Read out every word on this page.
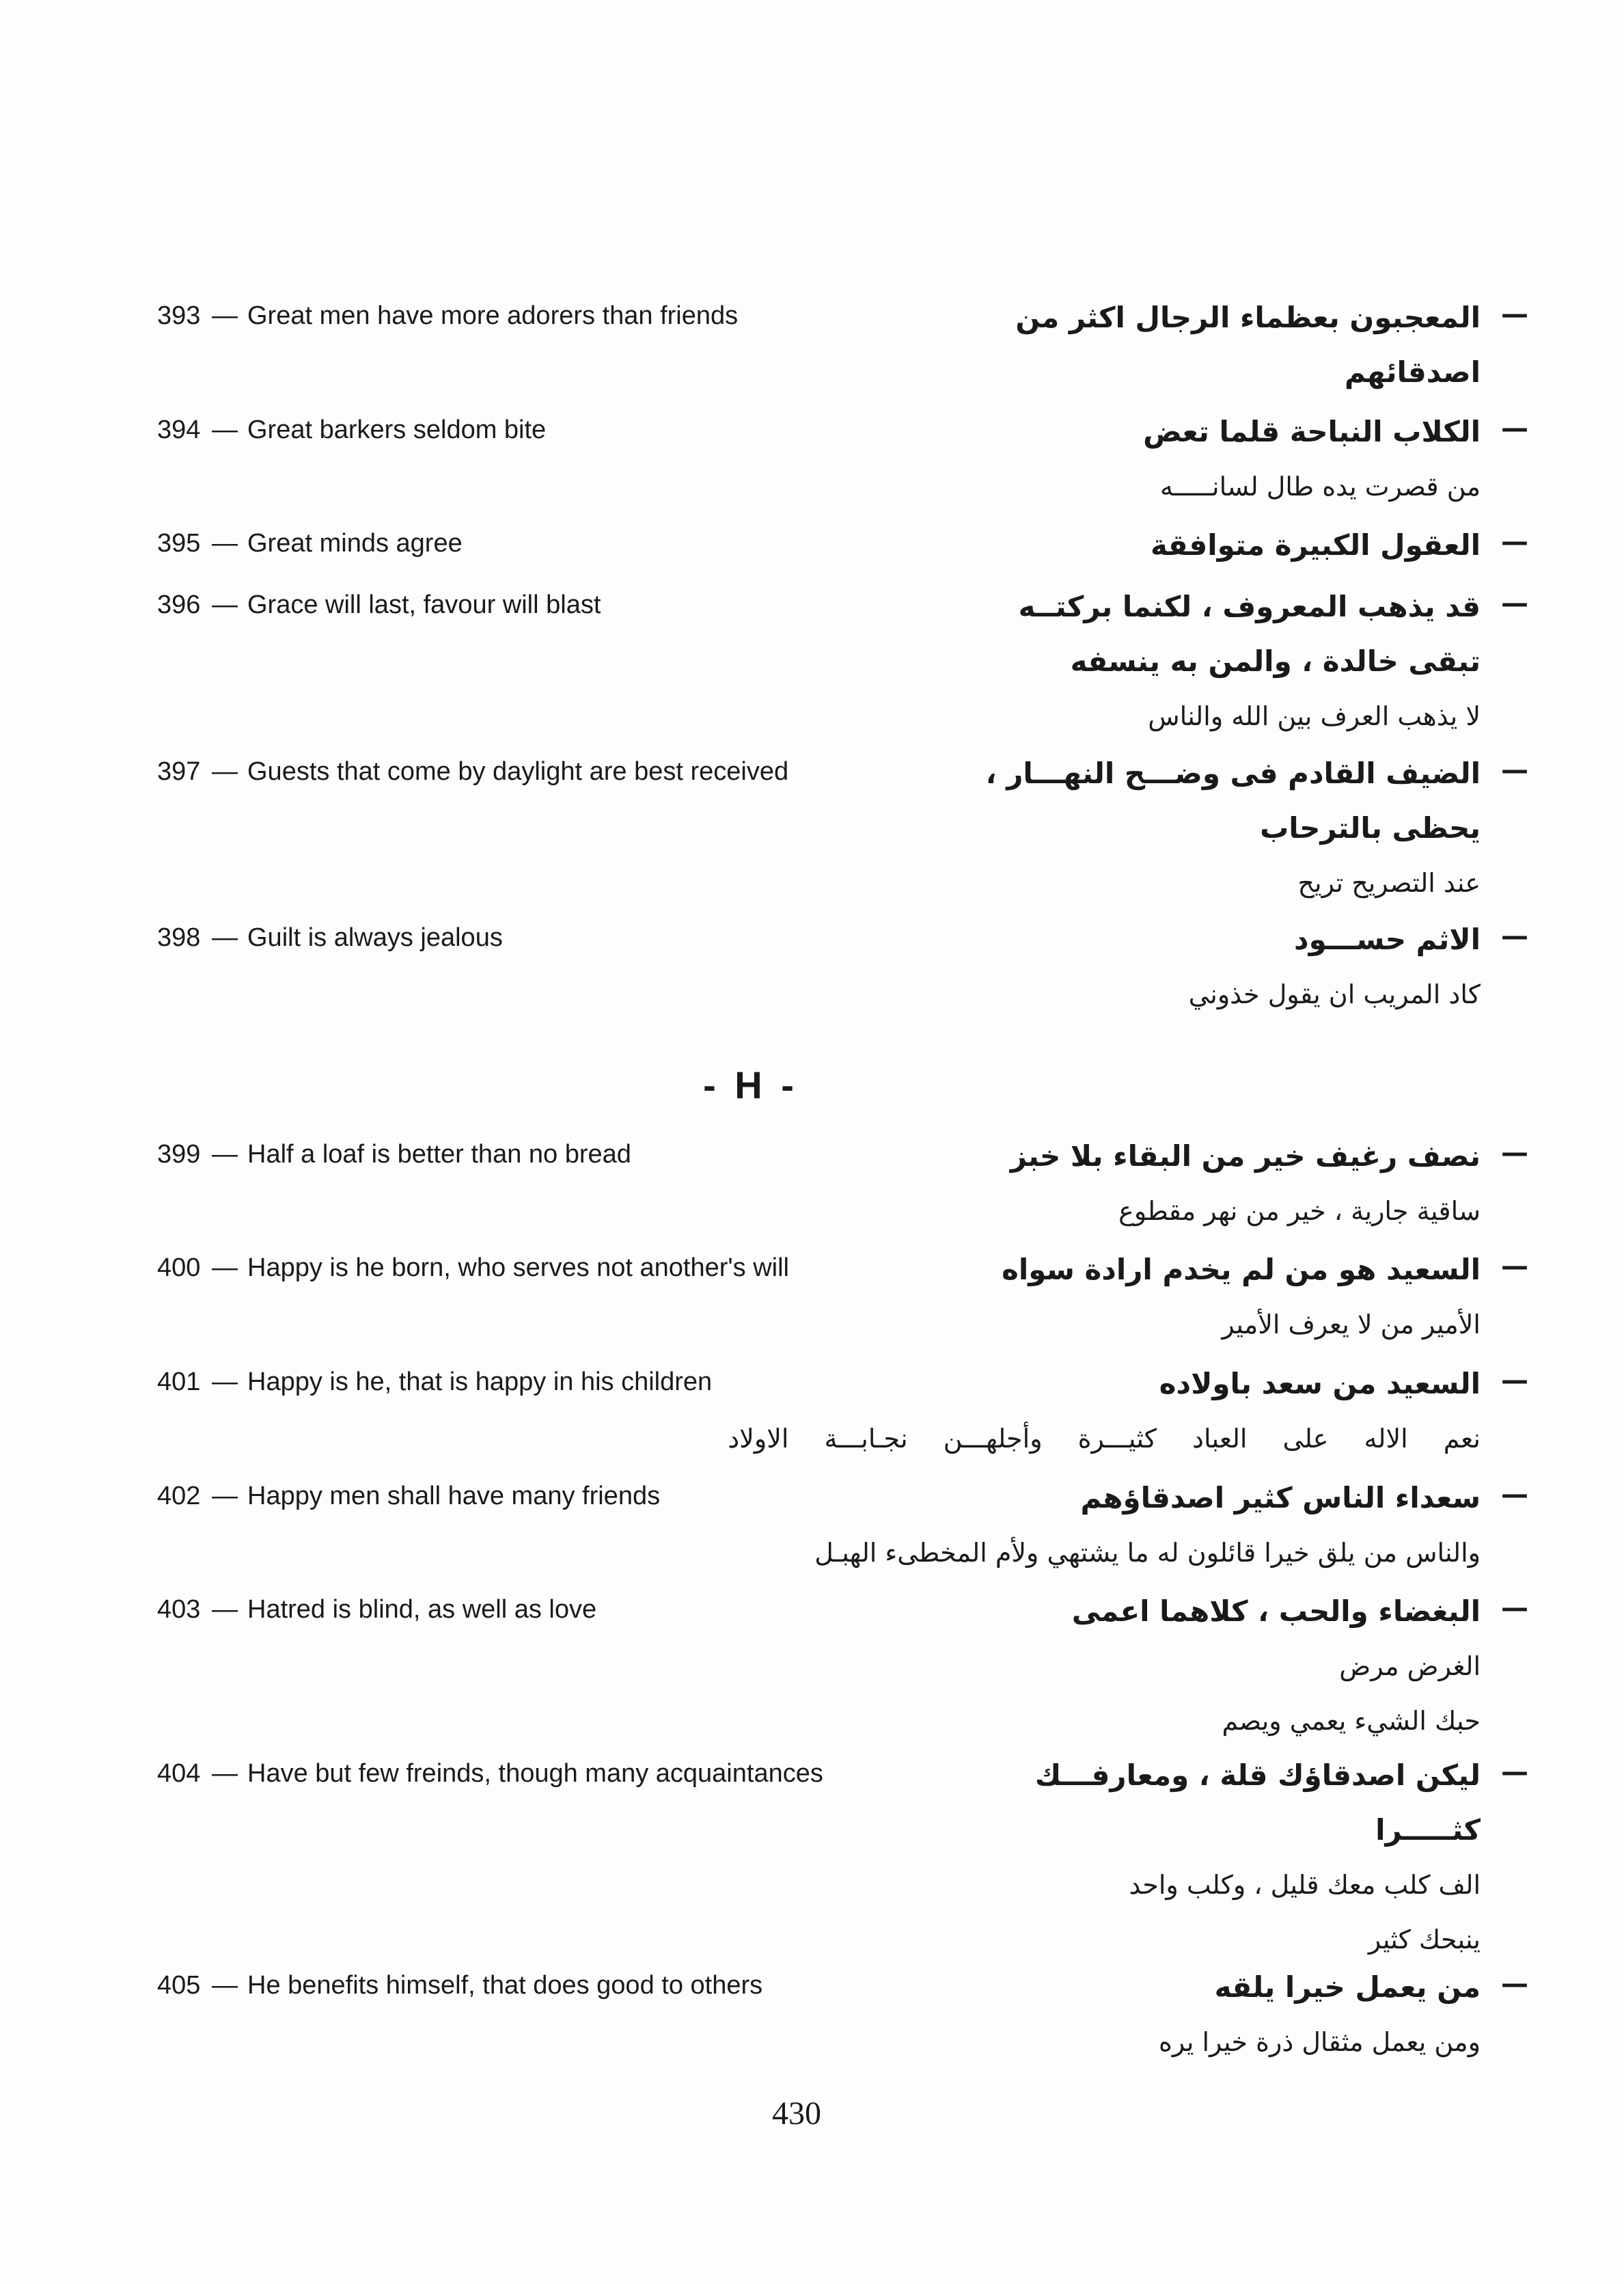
393 — Great men have more adorers than friends	—
المعجبون بعظماء الرجال اكثر من
اصدقائهم
394 — Great barkers seldom bite	—
الكلاب النباحة قلما تعض
من قصرت يده طال لسانـــــه
395 — Great minds agree	—
العقول الكبيرة متوافقة
396 — Grace will last, favour will blast	—
قد يذهب المعروف ، لكنما بركتــه
تبقى خالدة ، والمن به ينسفه
لا يذهب العرف بين الله والناس
397 — Guests that come by daylight are best received	—
الضيف القادم فى وضـــح النهـــار ،
يحظى بالترحاب
عند التصريح تريح
398 — Guilt is always jealous	—
الاثم حســـود
كاد المريب ان يقول خذوني
- H -
399 — Half a loaf is better than no bread	—
نصف رغيف خير من البقاء بلا خبز
ساقية جارية ، خير من نهر مقطوع
400 — Happy is he born, who serves not another's will	—
السعيد هو من لم يخدم ارادة سواه
الأمير من لا يعرف الأمير
401 — Happy is he, that is happy in his children	—
السعيد من سعد باولاده
نعم الاله على العباد كثيـــرة وأجلهـــن نجـابـــة الاولاد
402 — Happy men shall have many friends	—
سعداء الناس كثير اصدقاؤهم
والناس من يلق خيرا قائلون له ما يشتهي ولأم المخطىء الهبـل
403 — Hatred is blind, as well as love	—
البغضاء والحب ، كلاهما اعمى
الغرض مرض
حبك الشيء يعمي ويصم
404 — Have but few freinds, though many acquaintances	—
ليكن اصدقاؤك قلة ، ومعارفـــك
كثـــــرا
الف كلب معك قليل ، وكلب واحد
ينبحك كثير
405 — He benefits himself, that does good to others	—
من يعمل خيرا يلقه
ومن يعمل مثقال ذرة خيرا يره
430
